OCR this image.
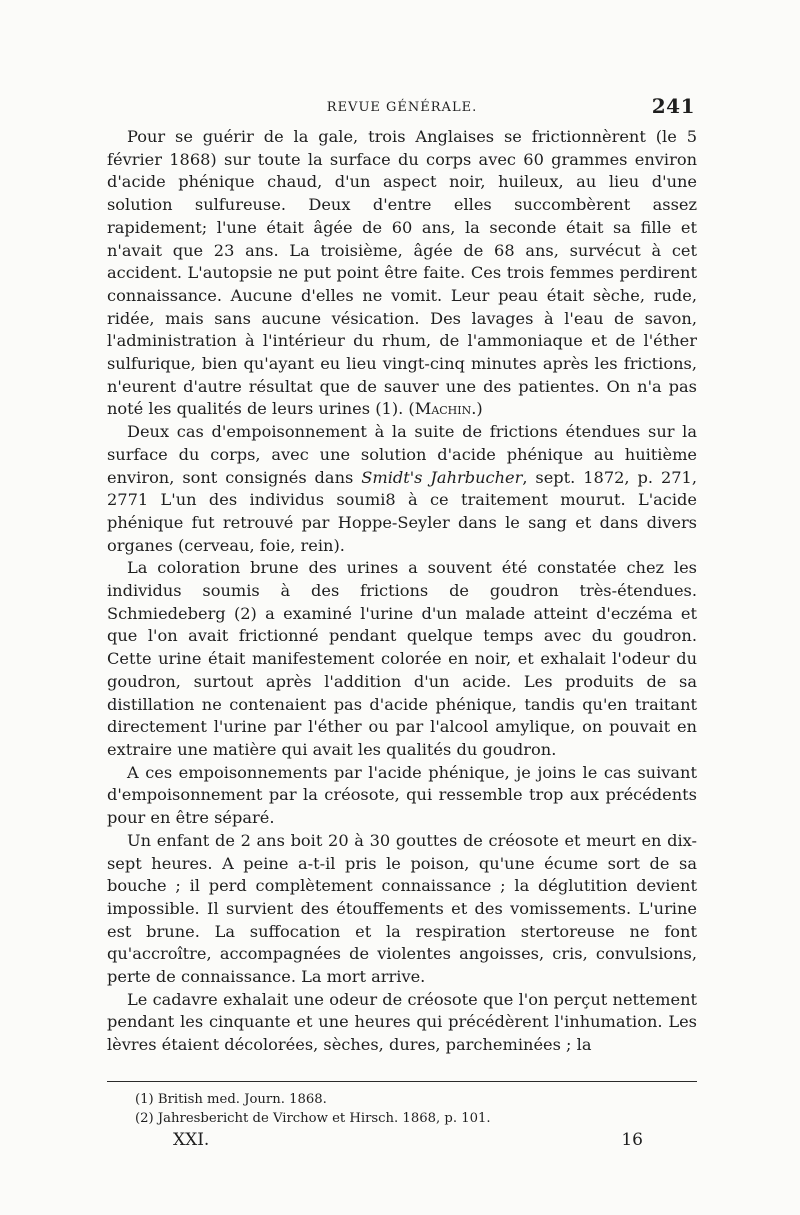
REVUE GÉNÉRALE.	241

Pour se guérir de la gale, trois Anglaises se frictionnèrent (le 5 février 1868) sur toute la surface du corps avec 60 grammes environ d'acide phénique chaud, d'un aspect noir, huileux, au lieu d'une solution sulfureuse. Deux d'entre elles succombèrent assez rapidement; l'une était âgée de 60 ans, la seconde était sa fille et n'avait que 23 ans. La troisième, âgée de 68 ans, survécut à cet accident. L'autopsie ne put point être faite. Ces trois femmes perdirent connaissance. Aucune d'elles ne vomit. Leur peau était sèche, rude, ridée, mais sans aucune vésication. Des lavages à l'eau de savon, l'administration à l'intérieur du rhum, de l'ammoniaque et de l'éther sulfurique, bien qu'ayant eu lieu vingt-cinq minutes après les frictions, n'eurent d'autre résultat que de sauver une des patientes. On n'a pas noté les qualités de leurs urines (1). (Machin.)

Deux cas d'empoisonnement à la suite de frictions étendues sur la surface du corps, avec une solution d'acide phénique au huitième environ, sont consignés dans Smidt's Jahrbucher, sept. 1872, p. 271, 2771 L'un des individus soumi8 à ce traitement mourut. L'acide phénique fut retrouvé par Hoppe-Seyler dans le sang et dans divers organes (cerveau, foie, rein).

La coloration brune des urines a souvent été constatée chez les individus soumis à des frictions de goudron très-étendues. Schmiedeberg (2) a examiné l'urine d'un malade atteint d'eczéma et que l'on avait frictionné pendant quelque temps avec du goudron. Cette urine était manifestement colorée en noir, et exhalait l'odeur du goudron, surtout après l'addition d'un acide. Les produits de sa distillation ne contenaient pas d'acide phénique, tandis qu'en traitant directement l'urine par l'éther ou par l'alcool amylique, on pouvait en extraire une matière qui avait les qualités du goudron.

A ces empoisonnements par l'acide phénique, je joins le cas suivant d'empoisonnement par la créosote, qui ressemble trop aux précédents pour en être séparé.

Un enfant de 2 ans boit 20 à 30 gouttes de créosote et meurt en dix-sept heures. A peine a-t-il pris le poison, qu'une écume sort de sa bouche ; il perd complètement connaissance ; la déglutition devient impossible. Il survient des étouffements et des vomissements. L'urine est brune. La suffocation et la respiration stertoreuse ne font qu'accroître, accompagnées de violentes angoisses, cris, convulsions, perte de connaissance. La mort arrive.

Le cadavre exhalait une odeur de créosote que l'on perçut nettement pendant les cinquante et une heures qui précédèrent l'inhumation. Les lèvres étaient décolorées, sèches, dures, parcheminées ; la

(1) British med. Journ. 1868.
(2) Jahresbericht de Virchow et Hirsch. 1868, p. 101.
XXI.	16
